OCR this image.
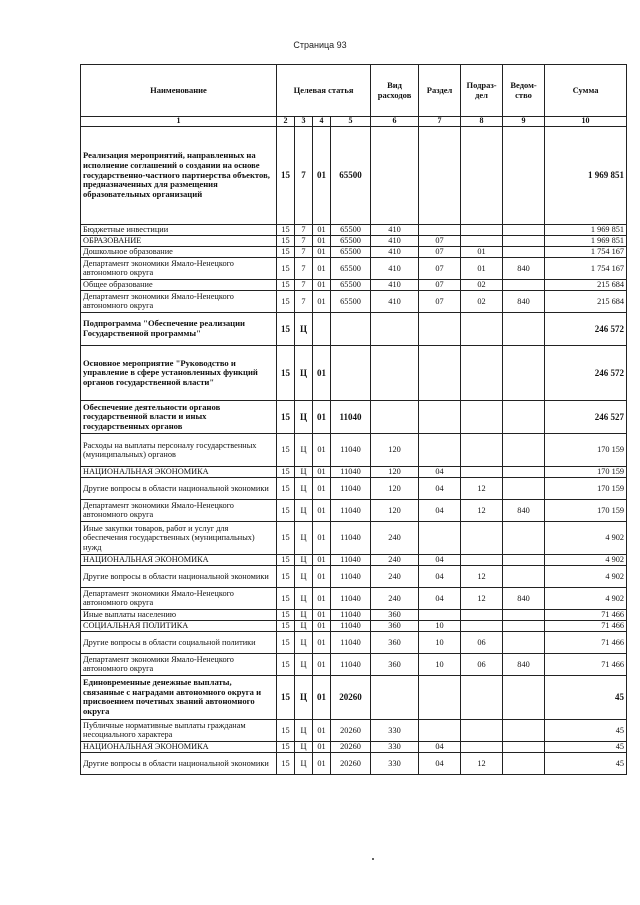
Страница 93
Наименование	Целевая статья				Вид расходов	Раздел	Подраз-дел	Ведом-ство	Сумма
1	2	3	4	5	6	7	8	9	10
Реализация мероприятий, направленных на исполнение соглашений о создании на основе государственно-частного партнерства объектов, предназначенных для размещения образовательных организаций	15	7	01	65500					1 969 851
Бюджетные инвестиции	15	7	01	65500	410				1 969 851
ОБРАЗОВАНИЕ	15	7	01	65500	410	07			1 969 851
Дошкольное образование	15	7	01	65500	410	07	01		1 754 167
Департамент экономики Ямало-Ненецкого автономного округа	15	7	01	65500	410	07	01	840	1 754 167
Общее образование	15	7	01	65500	410	07	02		215 684
Департамент экономики Ямало-Ненецкого автономного округа	15	7	01	65500	410	07	02	840	215 684
Подпрограмма "Обеспечение реализации Государственной программы"	15	Ц							246 572
Основное мероприятие "Руководство и управление в сфере установленных функций органов государственной власти"	15	Ц	01						246 572
Обеспечение деятельности органов государственной власти и иных государственных органов	15	Ц	01	11040					246 527
Расходы на выплаты персоналу государственных (муниципальных) органов	15	Ц	01	11040	120				170 159
НАЦИОНАЛЬНАЯ ЭКОНОМИКА	15	Ц	01	11040	120	04			170 159
Другие вопросы в области национальной экономики	15	Ц	01	11040	120	04	12		170 159
Департамент экономики Ямало-Ненецкого автономного округа	15	Ц	01	11040	120	04	12	840	170 159
Иные закупки товаров, работ и услуг для обеспечения государственных (муниципальных) нужд	15	Ц	01	11040	240				4 902
НАЦИОНАЛЬНАЯ ЭКОНОМИКА	15	Ц	01	11040	240	04			4 902
Другие вопросы в области национальной экономики	15	Ц	01	11040	240	04	12		4 902
Департамент экономики Ямало-Ненецкого автономного округа	15	Ц	01	11040	240	04	12	840	4 902
Иные выплаты населению	15	Ц	01	11040	360				71 466
СОЦИАЛЬНАЯ ПОЛИТИКА	15	Ц	01	11040	360	10			71 466
Другие вопросы в области социальной политики	15	Ц	01	11040	360	10	06		71 466
Департамент экономики Ямало-Ненецкого автономного округа	15	Ц	01	11040	360	10	06	840	71 466
Единовременные денежные выплаты, связанные с наградами автономного округа и присвоением почетных званий автономного округа	15	Ц	01	20260					45
Публичные нормативные выплаты гражданам несоциального характера	15	Ц	01	20260	330				45
НАЦИОНАЛЬНАЯ ЭКОНОМИКА	15	Ц	01	20260	330	04			45
Другие вопросы в области национальной экономики	15	Ц	01	20260	330	04	12		45
